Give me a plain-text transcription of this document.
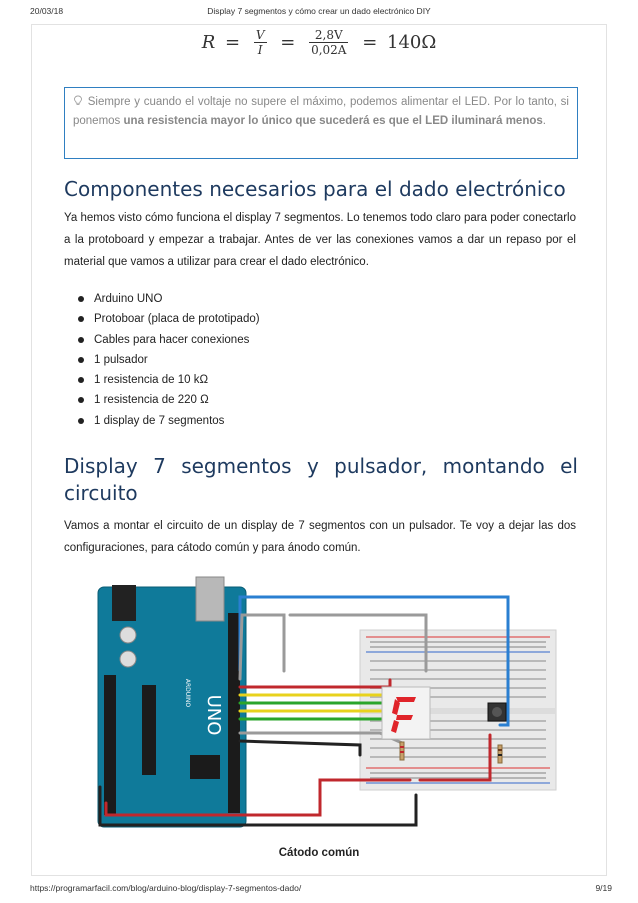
20/03/18	Display 7 segmentos y cómo crear un dado electrónico DIY
$R = \frac{V}{I} = \frac{2,8V}{0,02A} = 140\Omega$
Siempre y cuando el voltaje no supere el máximo, podemos alimentar el LED. Por lo tanto, si ponemos una resistencia mayor lo único que sucederá es que el LED iluminará menos.
Componentes necesarios para el dado electrónico
Ya hemos visto cómo funciona el display 7 segmentos. Lo tenemos todo claro para poder conectarlo a la protoboard y empezar a trabajar. Antes de ver las conexiones vamos a dar un repaso por el material que vamos a utilizar para crear el dado electrónico.
Arduino UNO
Protoboar (placa de prototipado)
Cables para hacer conexiones
1 pulsador
1 resistencia de 10 kΩ
1 resistencia de 220 Ω
1 display de 7 segmentos
Display 7 segmentos y pulsador, montando el circuito
Vamos a montar el circuito de un display de 7 segmentos con un pulsador. Te voy a dejar las dos configuraciones, para cátodo común y para ánodo común.
UNO
ARDUINO
Cátodo común
https://programarfacil.com/blog/arduino-blog/display-7-segmentos-dado/	9/19
